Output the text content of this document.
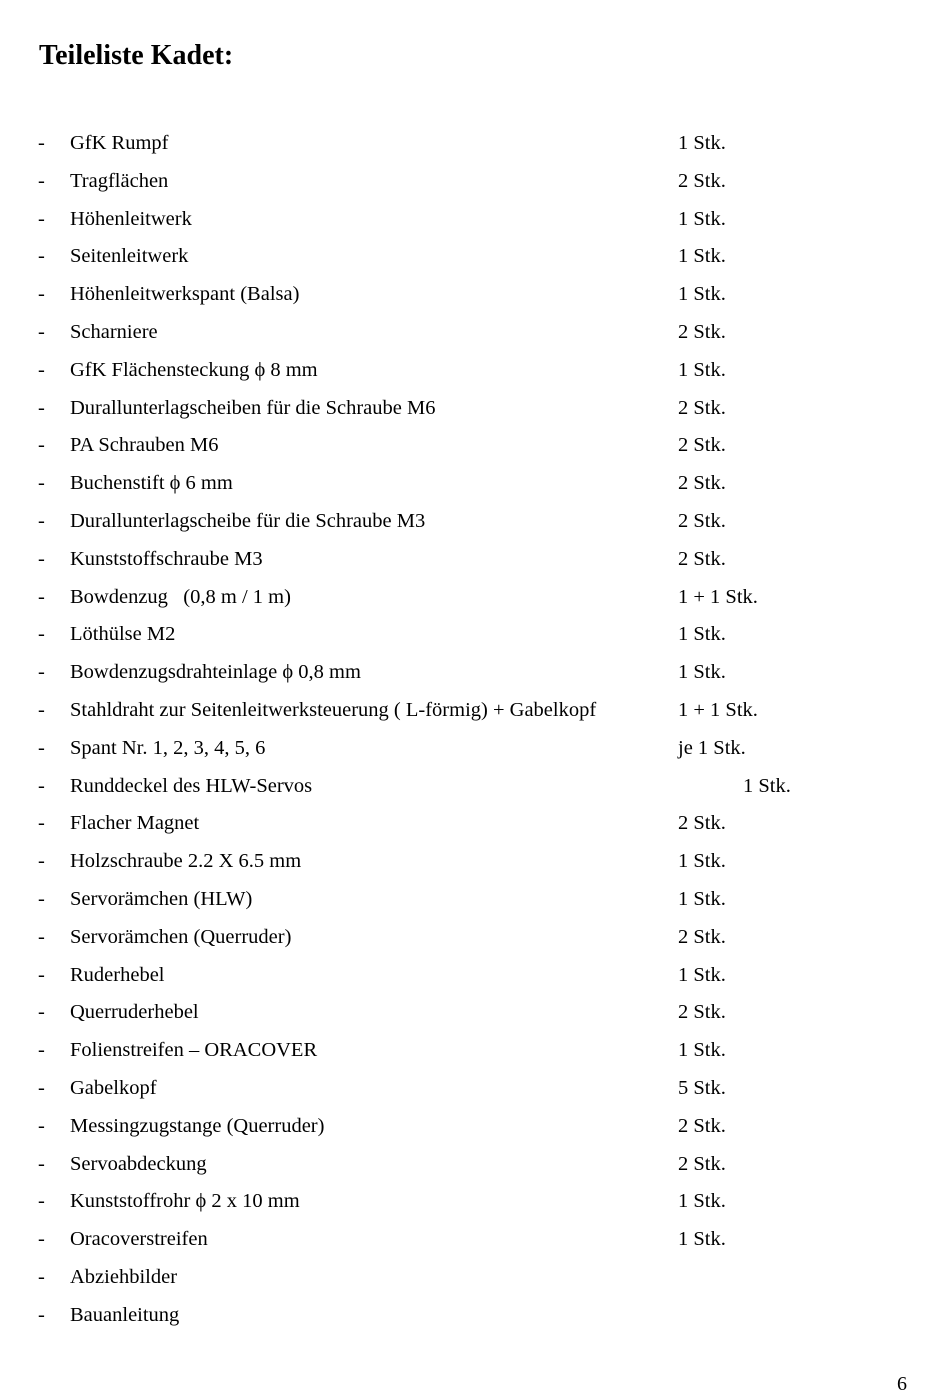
Teileliste Kadet:
- GfK Rumpf	1 Stk.
- Tragflächen	2 Stk.
- Höhenleitwerk	1 Stk.
- Seitenleitwerk	1 Stk.
- Höhenleitwerkspant (Balsa)	1 Stk.
- Scharniere	2 Stk.
- GfK Flächensteckung ϕ 8 mm	1 Stk.
- Durallunterlagscheiben für die Schraube M6	2 Stk.
- PA Schrauben M6	2 Stk.
- Buchenstift ϕ 6 mm	2 Stk.
- Durallunterlagscheibe für die Schraube M3	2 Stk.
- Kunststoffschraube M3	2 Stk.
- Bowdenzug   (0,8 m / 1 m)	1 + 1 Stk.
- Löthülse M2	1 Stk.
- Bowdenzugsdrahteinlage ϕ 0,8 mm	1 Stk.
- Stahldraht zur Seitenleitwerksteuerung ( L-förmig) + Gabelkopf	1 + 1 Stk.
- Spant Nr. 1, 2, 3, 4, 5, 6	je 1 Stk.
- Runddeckel des HLW-Servos	1 Stk.
- Flacher Magnet	2 Stk.
- Holzschraube 2.2 X 6.5 mm	1 Stk.
- Servorämchen (HLW)	1 Stk.
- Servorämchen (Querruder)	2 Stk.
- Ruderhebel	1 Stk.
- Querruderhebel	2 Stk.
- Folienstreifen – ORACOVER	1 Stk.
- Gabelkopf	5 Stk.
- Messingzugstange (Querruder)	2 Stk.
- Servoabdeckung	2 Stk.
- Kunststoffrohr ϕ 2 x 10 mm	1 Stk.
- Oracoverstreifen	1 Stk.
- Abziehbilder
- Bauanleitung
6
